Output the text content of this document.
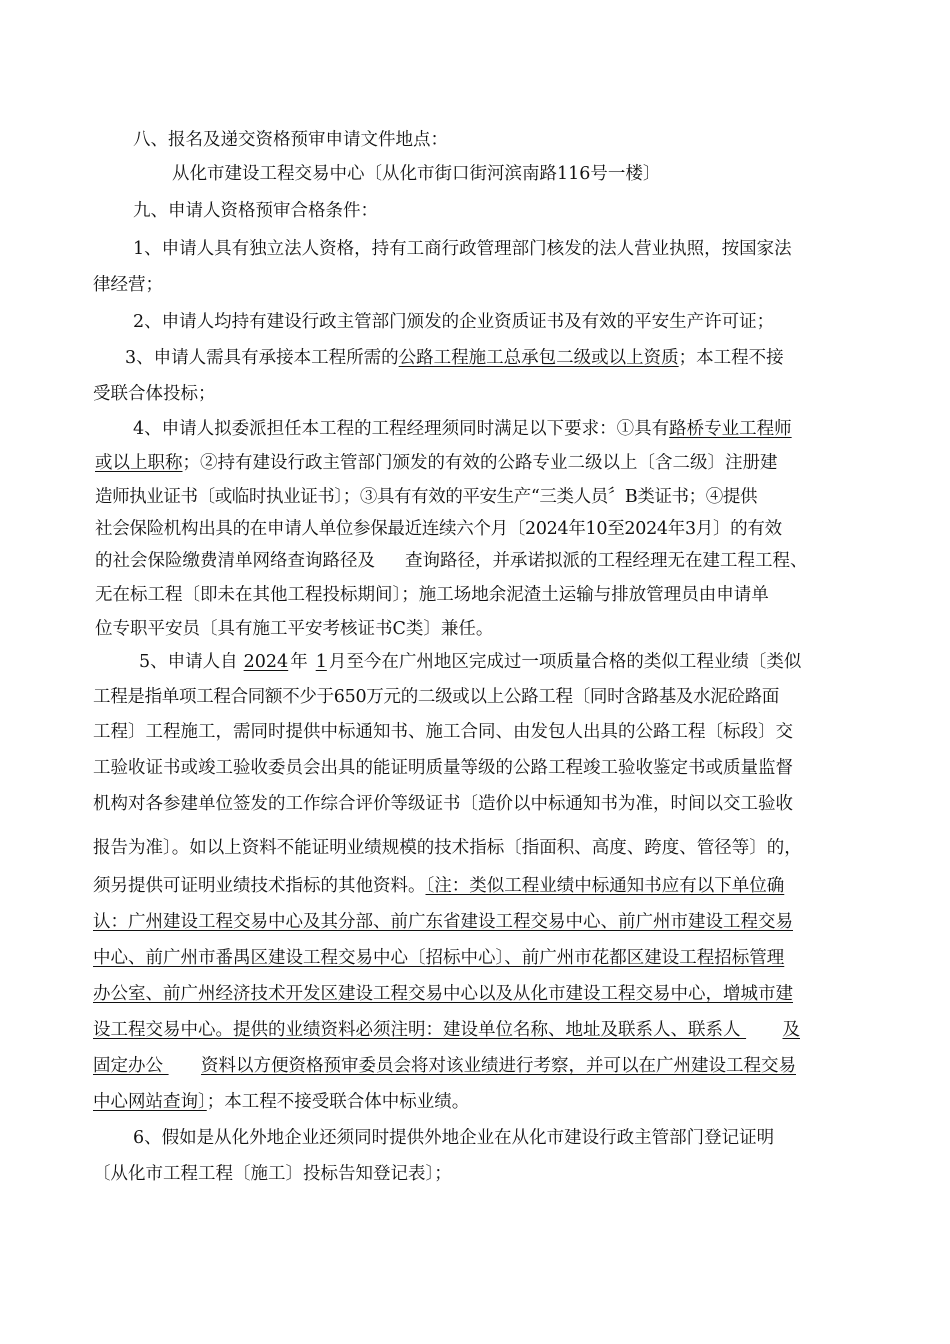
八、报名及递交资格预审申请文件地点：
从化市建设工程交易中心〔从化市街口街河滨南路116号一楼〕
九、申请人资格预审合格条件：
1、申请人具有独立法人资格，持有工商行政管理部门核发的法人营业执照，按国家法
律经营；
2、申请人均持有建设行政主管部门颁发的企业资质证书及有效的平安生产许可证；
3、申请人需具有承接本工程所需的公路工程施工总承包二级或以上资质；本工程不接
受联合体投标；
4、申请人拟委派担任本工程的工程经理须同时满足以下要求：①具有路桥专业工程师
或以上职称；②持有建设行政主管部门颁发的有效的公路专业二级以上〔含二级〕注册建
造师执业证书〔或临时执业证书〕；③具有有效的平安生产“三类人员〞B类证书；④提供
社会保险机构出具的在申请人单位参保最近连续六个月〔2024年10至2024年3月〕的有效
的社会保险缴费清单网络查询路径及 查询路径，并承诺拟派的工程经理无在建工程工程、
无在标工程〔即未在其他工程投标期间〕；施工场地余泥渣土运输与排放管理员由申请单
位专职平安员〔具有施工平安考核证书C类〕兼任。
5、申请人自 2024 年 1 月至今在广州地区完成过一项质量合格的类似工程业绩〔类似
工程是指单项工程合同额不少于650万元的二级或以上公路工程〔同时含路基及水泥砼路面
工程〕工程施工，需同时提供中标通知书、施工合同、由发包人出具的公路工程〔标段〕交
工验收证书或竣工验收委员会出具的能证明质量等级的公路工程竣工验收鉴定书或质量监督
机构对各参建单位签发的工作综合评价等级证书〔造价以中标通知书为准，时间以交工验收
报告为准〕。如以上资料不能证明业绩规模的技术指标〔指面积、高度、跨度、管径等〕的，
须另提供可证明业绩技术指标的其他资料。〔注：类似工程业绩中标通知书应有以下单位确
认：广州建设工程交易中心及其分部、前广东省建设工程交易中心、前广州市建设工程交易
中心、前广州市番禺区建设工程交易中心〔招标中心〕、前广州市花都区建设工程招标管理
办公室、前广州经济技术开发区建设工程交易中心以及从化市建设工程交易中心，增城市建
设工程交易中心。提供的业绩资料必须注明：建设单位名称、地址及联系人、联系人 及
固定办公 资料以方便资格预审委员会将对该业绩进行考察，并可以在广州建设工程交易
中心网站查询〕；本工程不接受联合体中标业绩。
6、假如是从化外地企业还须同时提供外地企业在从化市建设行政主管部门登记证明
〔从化市工程工程〔施工〕投标告知登记表〕；
